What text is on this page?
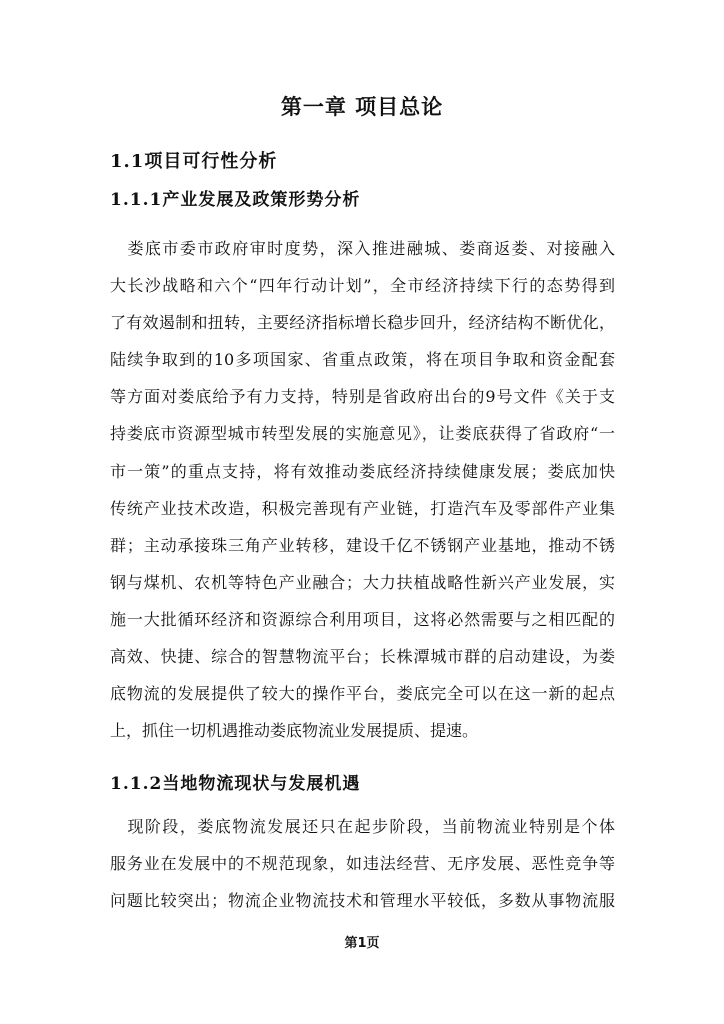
第一章 项目总论
1.1项目可行性分析
1.1.1产业发展及政策形势分析
　娄底市委市政府审时度势，深入推进融城、娄商返娄、对接融入
大长沙战略和六个“四年行动计划”，全市经济持续下行的态势得到
了有效遏制和扭转，主要经济指标增长稳步回升，经济结构不断优化，
陆续争取到的10多项国家、省重点政策，将在项目争取和资金配套
等方面对娄底给予有力支持，特别是省政府出台的9号文件《关于支
持娄底市资源型城市转型发展的实施意见》，让娄底获得了省政府“一
市一策”的重点支持，将有效推动娄底经济持续健康发展；娄底加快
传统产业技术改造，积极完善现有产业链，打造汽车及零部件产业集
群；主动承接珠三角产业转移，建设千亿不锈钢产业基地，推动不锈
钢与煤机、农机等特色产业融合；大力扶植战略性新兴产业发展，实
施一大批循环经济和资源综合利用项目，这将必然需要与之相匹配的
高效、快捷、综合的智慧物流平台；长株潭城市群的启动建设，为娄
底物流的发展提供了较大的操作平台，娄底完全可以在这一新的起点
上，抓住一切机遇推动娄底物流业发展提质、提速。
1.1.2当地物流现状与发展机遇
　现阶段，娄底物流发展还只在起步阶段，当前物流业特别是个体
服务业在发展中的不规范现象，如违法经营、无序发展、恶性竞争等
问题比较突出；物流企业物流技术和管理水平较低，多数从事物流服
第1页
